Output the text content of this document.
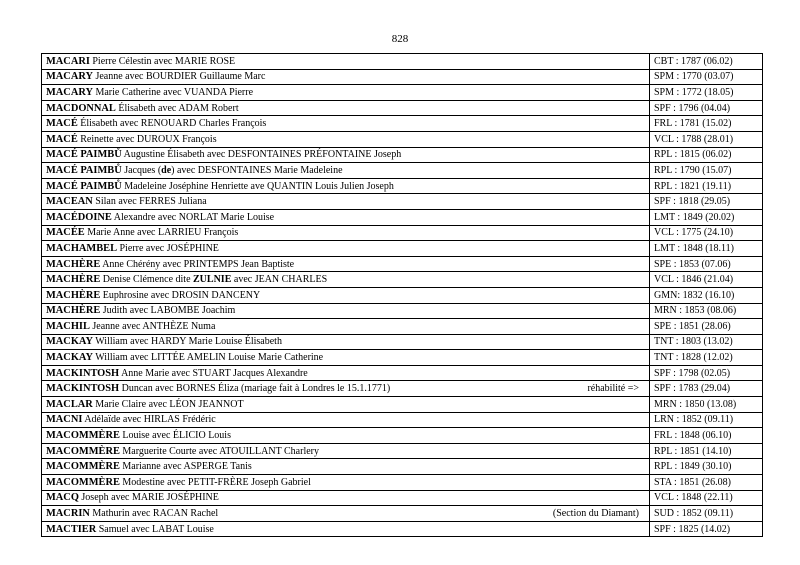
828
MACARI Pierre Célestin avec MARIE ROSE	CBT : 1787 (06.02)

MACARY Jeanne avec BOURDIER Guillaume Marc	SPM : 1770 (03.07)

MACARY Marie Catherine avec VUANDA Pierre	SPM : 1772 (18.05)

MACDONNAL Élisabeth avec ADAM Robert	SPF : 1796 (04.04)

MACÉ Élisabeth avec RENOUARD Charles François	FRL : 1781 (15.02)

MACÉ Reinette avec DUROUX François	VCL : 1788 (28.01)

MACÉ PAIMBŮ Augustine Élisabeth avec DESFONTAINES PRÉFONTAINE Joseph	RPL : 1815 (06.02)

MACÉ PAIMBŮ Jacques (de) avec DESFONTAINES Marie Madeleine	RPL : 1790 (15.07)

MACÉ PAIMBŮ Madeleine Joséphine Henriette ave QUANTIN Louis Julien Joseph	RPL : 1821 (19.11)

MACEAN Silan avec FERRES Juliana	SPF : 1818 (29.05)

MACÉDOINE Alexandre avec NORLAT Marie Louise	LMT : 1849 (20.02)

MACÉE Marie Anne avec LARRIEU François	VCL : 1775 (24.10)

MACHAMBEL Pierre avec JOSÉPHINE	LMT : 1848 (18.11)

MACHÈRE Anne Chérény avec PRINTEMPS Jean Baptiste	SPE : 1853 (07.06)

MACHÈRE Denise Clémence dite ZULNIE avec JEAN CHARLES	VCL : 1846 (21.04)

MACHÈRE Euphrosine avec DROSIN DANCENY	GMN: 1832 (16.10)

MACHÈRE Judith avec LABOMBE Joachim	MRN : 1853 (08.06)

MACHIL Jeanne avec ANTHÈZE Numa	SPE : 1851 (28.06)

MACKAY William avec HARDY Marie Louise Élisabeth	TNT : 1803 (13.02)

MACKAY William avec LITTÉE AMELIN Louise Marie Catherine	TNT : 1828 (12.02)

MACKINTOSH Anne Marie avec STUART Jacques Alexandre	SPF : 1798 (02.05)

MACKINTOSH Duncan avec BORNES Éliza (mariage fait à Londres le 15.1.1771) réhabilité =>	SPF : 1783 (29.04)

MACLAR Marie Claire avec LÉON JEANNOT	MRN : 1850 (13.08)

MACNI Adélaïde avec HIRLAS Frédéric	LRN : 1852 (09.11)

MACOMMÈRE Louise avec ÉLICIO Louis	FRL : 1848 (06.10)

MACOMMÈRE Marguerite Courte avec ATOUILLANT Charlery	RPL : 1851 (14.10)

MACOMMÈRE Marianne avec ASPERGE Tanis	RPL : 1849 (30.10)

MACOMMÈRE Modestine avec PETIT-FRÈRE Joseph Gabriel	STA : 1851 (26.08)

MACQ Joseph avec MARIE JOSÉPHINE	VCL : 1848 (22.11)

MACRIN Mathurin avec RACAN Rachel (Section du Diamant)	SUD : 1852 (09.11)

MACTIER Samuel avec LABAT Louise	SPF : 1825 (14.02)
